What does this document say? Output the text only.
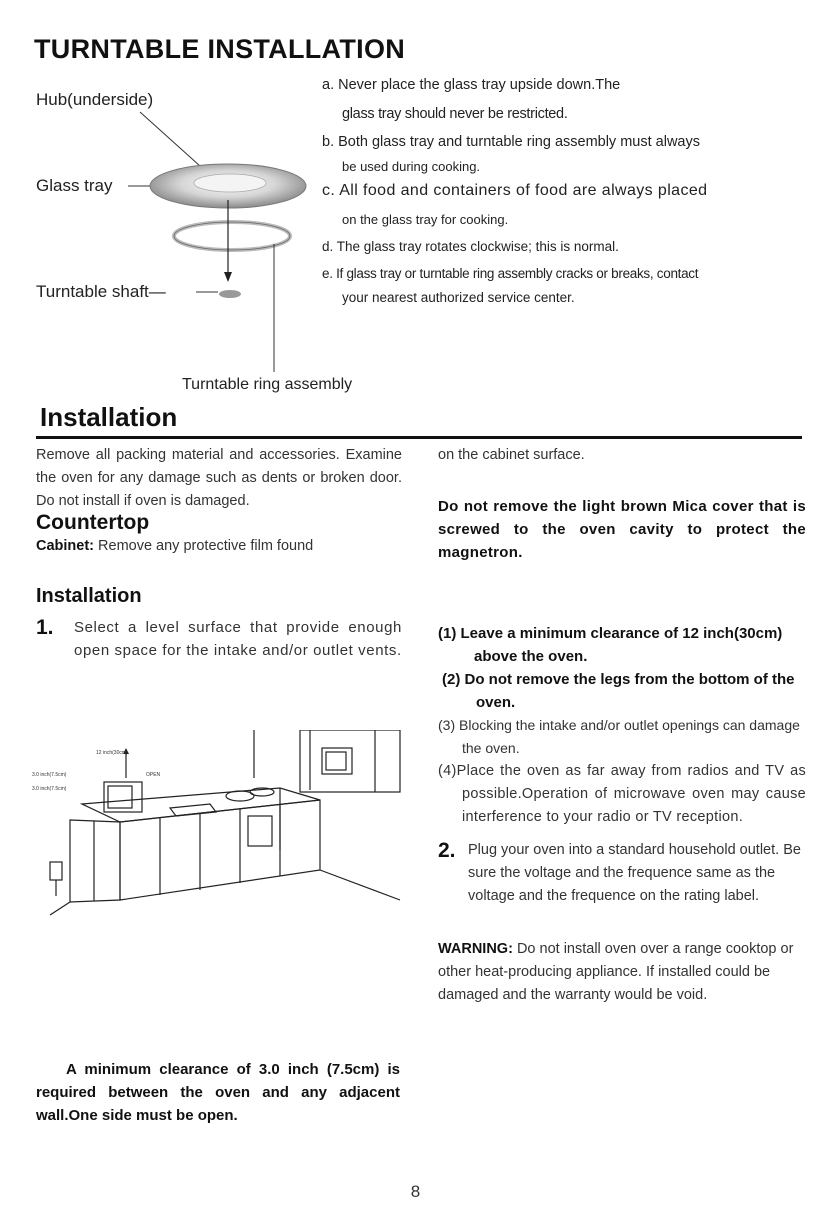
TURNTABLE INSTALLATION
Hub(underside)
Glass tray
Turntable shaft—
Turntable ring assembly

a. Never place the glass tray upside down.The

glass tray should never be restricted.

b. Both glass tray and turntable ring assembly must always

be used during cooking.

c. All food and containers of food are always placed

on the glass tray for cooking.

d. The glass tray rotates clockwise; this is normal.

e. If glass tray or turntable ring assembly cracks or breaks, contact

your nearest authorized service center.

Installation

Remove all packing material and accessories. Examine the oven for any damage such as dents or broken door. Do not install if oven is damaged.

Countertop

Cabinet: Remove any protective film found

Installation

1.	Select a level surface that provide enough open space for the intake and/or outlet vents.

12 inch(30cm)
3.0 inch(7.5cm)
3.0 inch(7.5cm)
OPEN

A minimum clearance of 3.0 inch (7.5cm) is required between the oven and any adjacent wall.One side must be open.

on the cabinet surface.

Do not remove the light brown Mica cover that is screwed to the oven cavity to protect the magnetron.

(1) Leave a minimum clearance of 12 inch(30cm) above the oven.

(2) Do not remove the legs from the bottom of the oven.

(3) Blocking the intake and/or outlet openings can damage the oven.

(4)Place the oven as far away from radios and TV as possible.Operation of microwave oven may cause interference to your radio or TV reception.

2. Plug your oven into a standard household outlet. Be sure the voltage and the frequence same as the voltage and the frequence on the rating label.

WARNING: Do not install oven over a range cooktop or other heat-producing appliance. If installed could be damaged and the warranty would be void.

8
